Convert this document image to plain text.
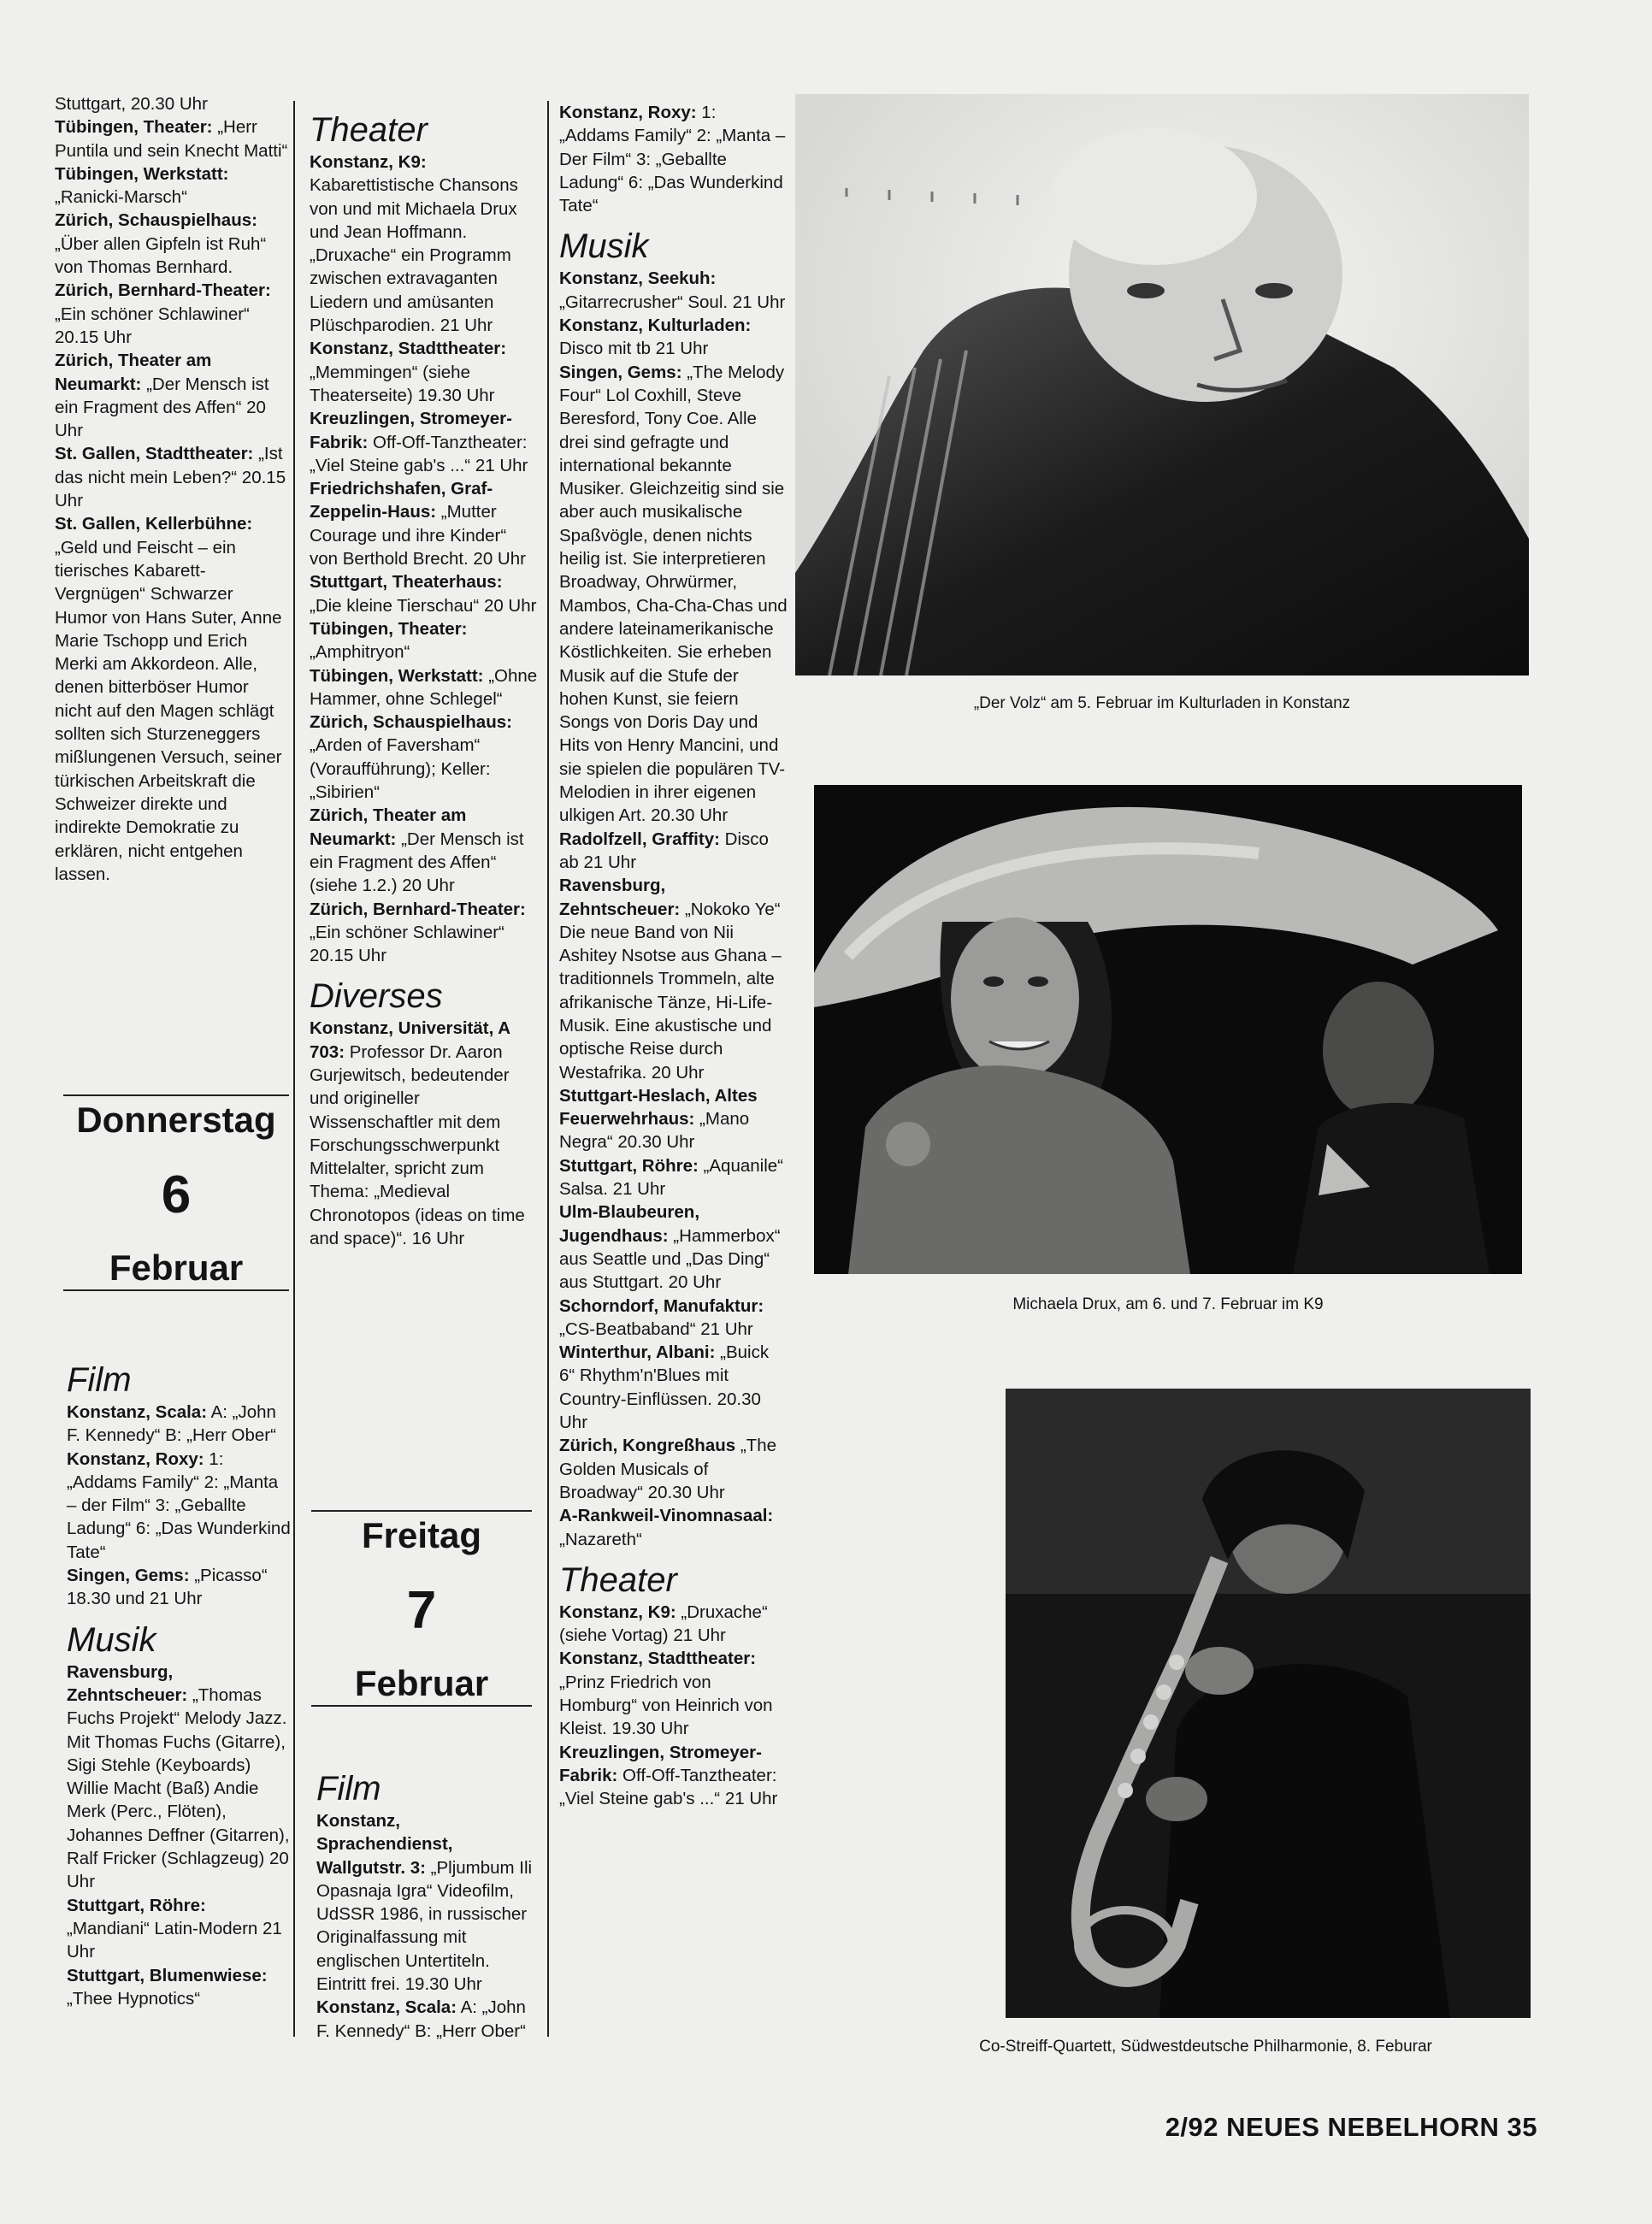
Stuttgart, 20.30 Uhr

Tübingen, Theater: „Herr Puntila und sein Knecht Matti“

Tübingen, Werkstatt: „Ranicki-Marsch“

Zürich, Schauspielhaus: „Über allen Gipfeln ist Ruh“ von Thomas Bernhard.

Zürich, Bernhard-Theater: „Ein schöner Schlawiner“ 20.15 Uhr

Zürich, Theater am Neumarkt: „Der Mensch ist ein Fragment des Affen“ 20 Uhr

St. Gallen, Stadttheater: „Ist das nicht mein Leben?“ 20.15 Uhr

St. Gallen, Kellerbühne: „Geld und Feischt – ein tierisches Kabarett-Vergnügen“ Schwarzer Humor von Hans Suter, Anne Marie Tschopp und Erich Merki am Akkordeon. Alle, denen bitterböser Humor nicht auf den Magen schlägt sollten sich Sturzeneggers mißlungenen Versuch, seiner türkischen Arbeitskraft die Schweizer direkte und indirekte Demokratie zu erklären, nicht entgehen lassen.

Donnerstag
6
Februar
Film

Konstanz, Scala: A: „John F. Kennedy“ B: „Herr Ober“

Konstanz, Roxy: 1: „Addams Family“ 2: „Manta – der Film“ 3: „Geballte Ladung“ 6: „Das Wunderkind Tate“

Singen, Gems: „Picasso“ 18.30 und 21 Uhr

Musik

Ravensburg, Zehntscheuer: „Thomas Fuchs Projekt“ Melody Jazz. Mit Thomas Fuchs (Gitarre), Sigi Stehle (Keyboards) Willie Macht (Baß) Andie Merk (Perc., Flöten), Johannes Deffner (Gitarren), Ralf Fricker (Schlagzeug) 20 Uhr

Stuttgart, Röhre: „Mandiani“ Latin-Modern 21 Uhr

Stuttgart, Blumenwiese: „Thee Hypnotics“

Theater

Konstanz, K9: Kabarettistische Chansons von und mit Michaela Drux und Jean Hoffmann. „Druxache“ ein Programm zwischen extravaganten Liedern und amüsanten Plüschparodien. 21 Uhr

Konstanz, Stadttheater: „Memmingen“ (siehe Theaterseite) 19.30 Uhr

Kreuzlingen, Stromeyer-Fabrik: Off-Off-Tanztheater: „Viel Steine gab's ...“ 21 Uhr

Friedrichshafen, Graf-Zeppelin-Haus: „Mutter Courage und ihre Kinder“ von Berthold Brecht. 20 Uhr

Stuttgart, Theaterhaus: „Die kleine Tierschau“ 20 Uhr

Tübingen, Theater: „Amphitryon“

Tübingen, Werkstatt: „Ohne Hammer, ohne Schlegel“

Zürich, Schauspielhaus: „Arden of Faversham“ (Voraufführung); Keller: „Sibirien“

Zürich, Theater am Neumarkt: „Der Mensch ist ein Fragment des Affen“ (siehe 1.2.) 20 Uhr

Zürich, Bernhard-Theater: „Ein schöner Schlawiner“ 20.15 Uhr

Diverses

Konstanz, Universität, A 703: Professor Dr. Aaron Gurjewitsch, bedeutender und origineller Wissenschaftler mit dem Forschungsschwerpunkt Mittelalter, spricht zum Thema: „Medieval Chronotopos (ideas on time and space)“. 16 Uhr

Freitag
7
Februar
Film

Konstanz, Sprachendienst, Wallgutstr. 3: „Pljumbum Ili Opasnaja Igra“ Videofilm, UdSSR 1986, in russischer Originalfassung mit englischen Untertiteln. Eintritt frei. 19.30 Uhr

Konstanz, Scala: A: „John F. Kennedy“ B: „Herr Ober“

Konstanz, Roxy: 1: „Addams Family“ 2: „Manta – Der Film“ 3: „Geballte Ladung“ 6: „Das Wunderkind Tate“

Musik

Konstanz, Seekuh: „Gitarrecrusher“ Soul. 21 Uhr

Konstanz, Kulturladen: Disco mit tb 21 Uhr

Singen, Gems: „The Melody Four“ Lol Coxhill, Steve Beresford, Tony Coe. Alle drei sind gefragte und international bekannte Musiker. Gleichzeitig sind sie aber auch musikalische Spaßvögle, denen nichts heilig ist. Sie interpretieren Broadway, Ohrwürmer, Mambos, Cha-Cha-Chas und andere lateinamerikanische Köstlichkeiten. Sie erheben Musik auf die Stufe der hohen Kunst, sie feiern Songs von Doris Day und Hits von Henry Mancini, und sie spielen die populären TV-Melodien in ihrer eigenen ulkigen Art. 20.30 Uhr

Radolfzell, Graffity: Disco ab 21 Uhr

Ravensburg, Zehntscheuer: „Nokoko Ye“ Die neue Band von Nii Ashitey Nsotse aus Ghana – traditionnels Trommeln, alte afrikanische Tänze, Hi-Life-Musik. Eine akustische und optische Reise durch Westafrika. 20 Uhr

Stuttgart-Heslach, Altes Feuerwehrhaus: „Mano Negra“ 20.30 Uhr

Stuttgart, Röhre: „Aquanile“ Salsa. 21 Uhr

Ulm-Blaubeuren, Jugendhaus: „Hammerbox“ aus Seattle und „Das Ding“ aus Stuttgart. 20 Uhr

Schorndorf, Manufaktur: „CS-Beatbaband“ 21 Uhr

Winterthur, Albani: „Buick 6“ Rhythm'n'Blues mit Country-Einflüssen. 20.30 Uhr

Zürich, Kongreßhaus „The Golden Musicals of Broadway“ 20.30 Uhr

A-Rankweil-Vinomnasaal: „Nazareth“

Theater

Konstanz, K9: „Druxache“ (siehe Vortag) 21 Uhr

Konstanz, Stadttheater: „Prinz Friedrich von Homburg“ von Heinrich von Kleist. 19.30 Uhr

Kreuzlingen, Stromeyer-Fabrik: Off-Off-Tanztheater: „Viel Steine gab's ...“ 21 Uhr

„Der Volz“ am 5. Februar im Kulturladen in Konstanz
Michaela Drux, am 6. und 7. Februar im K9
Co-Streiff-Quartett, Südwestdeutsche Philharmonie, 8. Feburar
2/92 NEUES NEBELHORN 35
